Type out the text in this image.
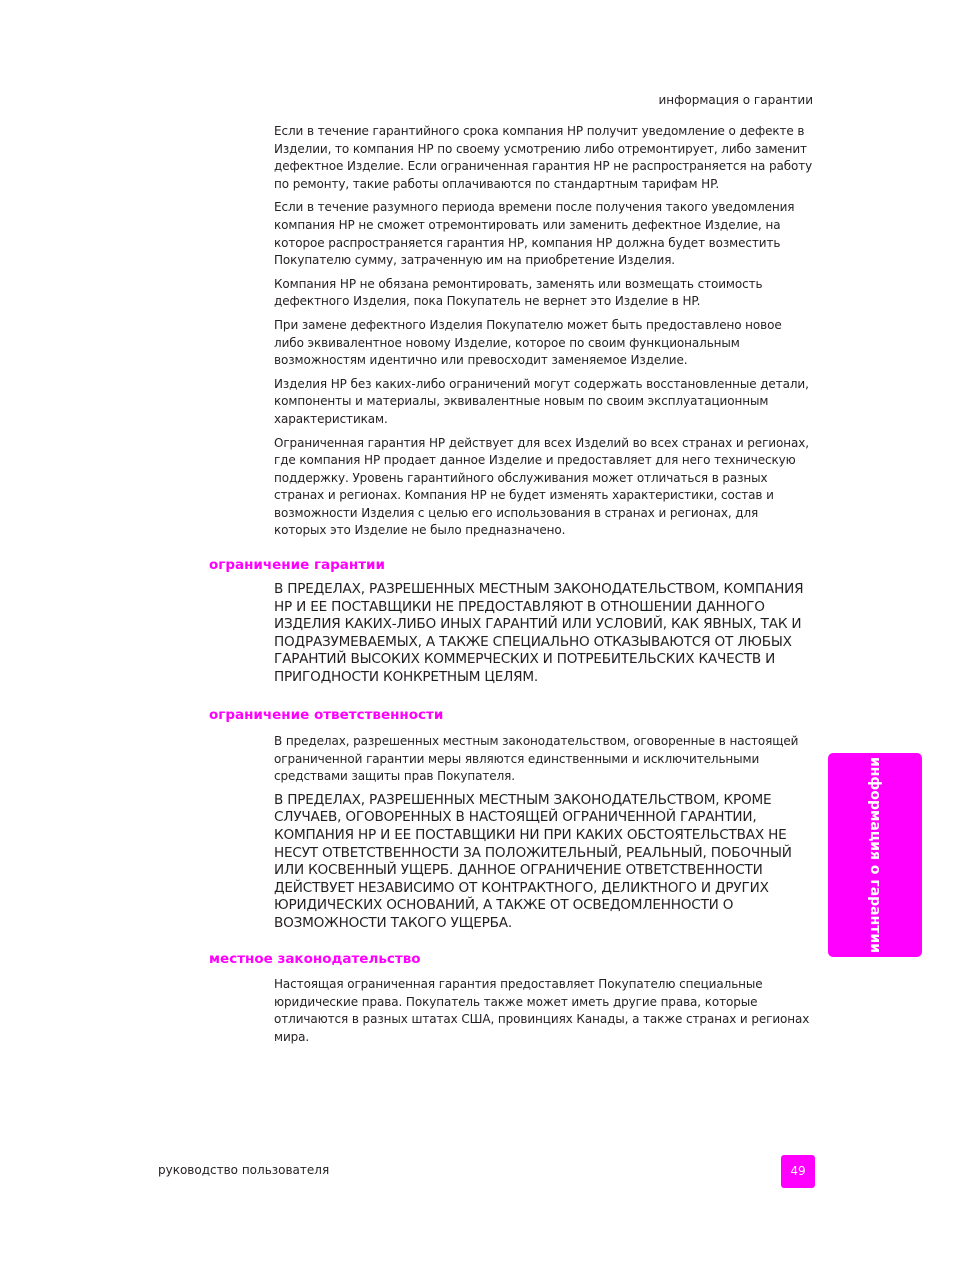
информация о гарантии

Если в течение гарантийного срока компания HP получит уведомление о дефекте в Изделии, то компания HP по своему усмотрению либо отремонтирует, либо заменит дефектное Изделие. Если ограниченная гарантия HP не распространяется на работу по ремонту, такие работы оплачиваются по стандартным тарифам HP.

Если в течение разумного периода времени после получения такого уведомления компания HP не сможет отремонтировать или заменить дефектное Изделие, на которое распространяется гарантия HP, компания HP должна будет возместить Покупателю сумму, затраченную им на приобретение Изделия.

Компания HP не обязана ремонтировать, заменять или возмещать стоимость дефектного Изделия, пока Покупатель не вернет это Изделие в HP.

При замене дефектного Изделия Покупателю может быть предоставлено новое либо эквивалентное новому Изделие, которое по своим функциональным возможностям идентично или превосходит заменяемое Изделие.

Изделия HP без каких-либо ограничений могут содержать восстановленные детали, компоненты и материалы, эквивалентные новым по своим эксплуатационным характеристикам.

Ограниченная гарантия HP действует для всех Изделий во всех странах и регионах, где компания HP продает данное Изделие и предоставляет для него техническую поддержку. Уровень гарантийного обслуживания может отличаться в разных странах и регионах. Компания HP не будет изменять характеристики, состав и возможности Изделия с целью его использования в странах и регионах, для которых это Изделие не было предназначено.

ограничение гарантии

В ПРЕДЕЛАХ, РАЗРЕШЕННЫХ МЕСТНЫМ ЗАКОНОДАТЕЛЬСТВОМ, КОМПАНИЯ HP И ЕЕ ПОСТАВЩИКИ НЕ ПРЕДОСТАВЛЯЮТ В ОТНОШЕНИИ ДАННОГО ИЗДЕЛИЯ КАКИХ-ЛИБО ИНЫХ ГАРАНТИЙ ИЛИ УСЛОВИЙ, КАК ЯВНЫХ, ТАК И ПОДРАЗУМЕВАЕМЫХ, А ТАКЖЕ СПЕЦИАЛЬНО ОТКАЗЫВАЮТСЯ ОТ ЛЮБЫХ ГАРАНТИЙ ВЫСОКИХ КОММЕРЧЕСКИХ И ПОТРЕБИТЕЛЬСКИХ КАЧЕСТВ И ПРИГОДНОСТИ КОНКРЕТНЫМ ЦЕЛЯМ.

ограничение ответственности

В пределах, разрешенных местным законодательством, оговоренные в настоящей ограниченной гарантии меры являются единственными и исключительными средствами защиты прав Покупателя.

В ПРЕДЕЛАХ, РАЗРЕШЕННЫХ МЕСТНЫМ ЗАКОНОДАТЕЛЬСТВОМ, КРОМЕ СЛУЧАЕВ, ОГОВОРЕННЫХ В НАСТОЯЩЕЙ ОГРАНИЧЕННОЙ ГАРАНТИИ, КОМПАНИЯ HP И ЕЕ ПОСТАВЩИКИ НИ ПРИ КАКИХ ОБСТОЯТЕЛЬСТВАХ НЕ НЕСУТ ОТВЕТСТВЕННОСТИ ЗА ПОЛОЖИТЕЛЬНЫЙ, РЕАЛЬНЫЙ, ПОБОЧНЫЙ ИЛИ КОСВЕННЫЙ УЩЕРБ. ДАННОЕ ОГРАНИЧЕНИЕ ОТВЕТСТВЕННОСТИ ДЕЙСТВУЕТ НЕЗАВИСИМО ОТ КОНТРАКТНОГО, ДЕЛИКТНОГО И ДРУГИХ ЮРИДИЧЕСКИХ ОСНОВАНИЙ, А ТАКЖЕ ОТ ОСВЕДОМЛЕННОСТИ О ВОЗМОЖНОСТИ ТАКОГО УЩЕРБА.

местное законодательство

Настоящая ограниченная гарантия предоставляет Покупателю специальные юридические права. Покупатель также может иметь другие права, которые отличаются в разных штатах США, провинциях Канады, а также странах и регионах мира.

информация о гарантии
руководство пользователя	49
